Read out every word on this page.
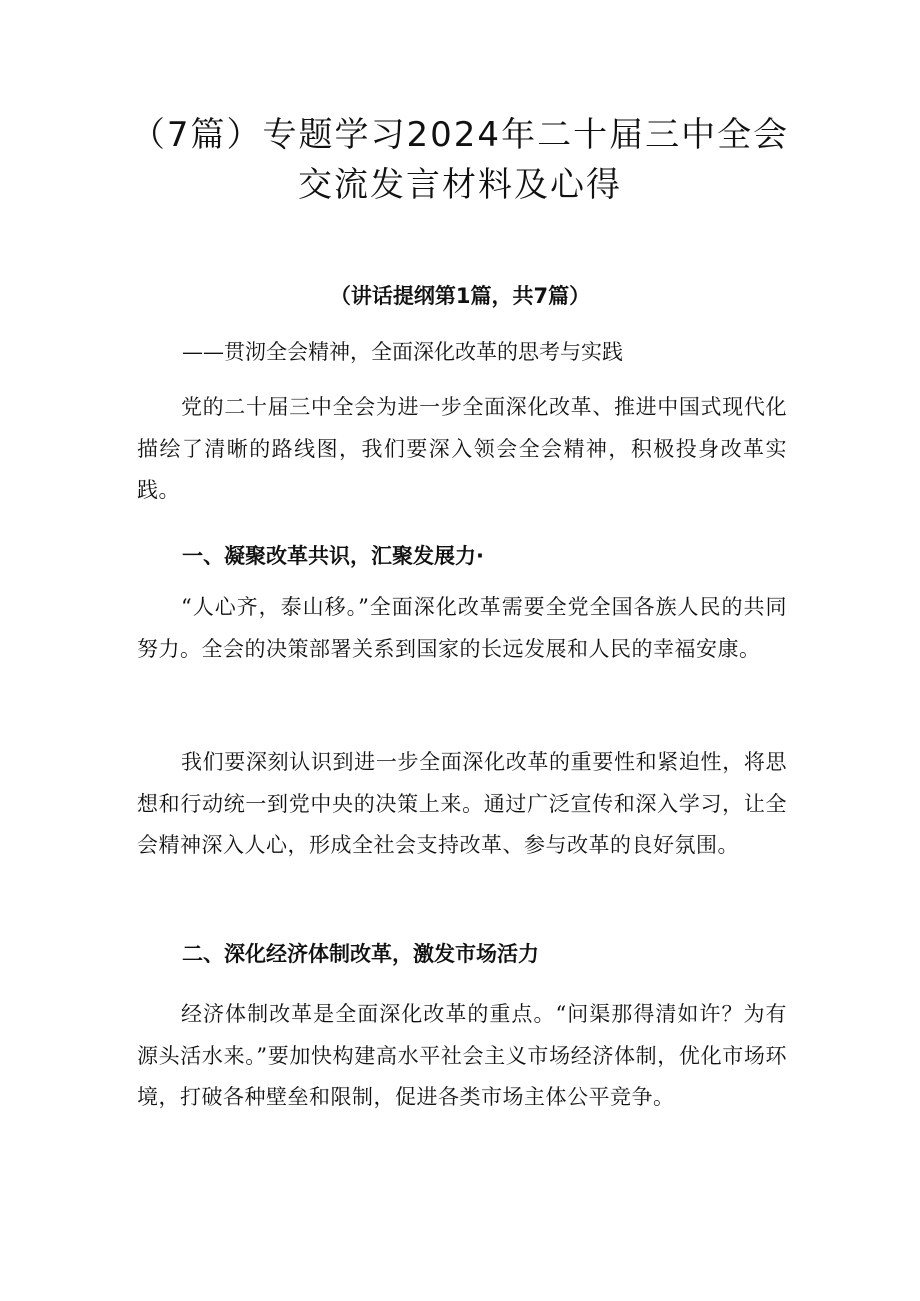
（7篇）专题学习2024年二十届三中全会
交流发言材料及心得

（讲话提纲第1篇，共7篇）

——贯沏全会精神，全面深化改革的思考与实践

党的二十届三中全会为进一步全面深化改革、推进中国式现代化描绘了清晰的路线图，我们要深入领会全会精神，积极投身改革实践。

一、凝聚改革共识，汇聚发展力·

“人心齐，泰山移。”全面深化改革需要全党全国各族人民的共同努力。全会的决策部署关系到国家的长远发展和人民的幸福安康。

我们要深刻认识到进一步全面深化改革的重要性和紧迫性，将思想和行动统一到党中央的决策上来。通过广泛宣传和深入学习，让全会精神深入人心，形成全社会支持改革、参与改革的良好氛围。

二、深化经济体制改革，激发市场活力

经济体制改革是全面深化改革的重点。“问渠那得清如许？为有源头活水来。”要加快构建高水平社会主义市场经济体制，优化市场环境，打破各种壁垒和限制，促进各类市场主体公平竞争。
